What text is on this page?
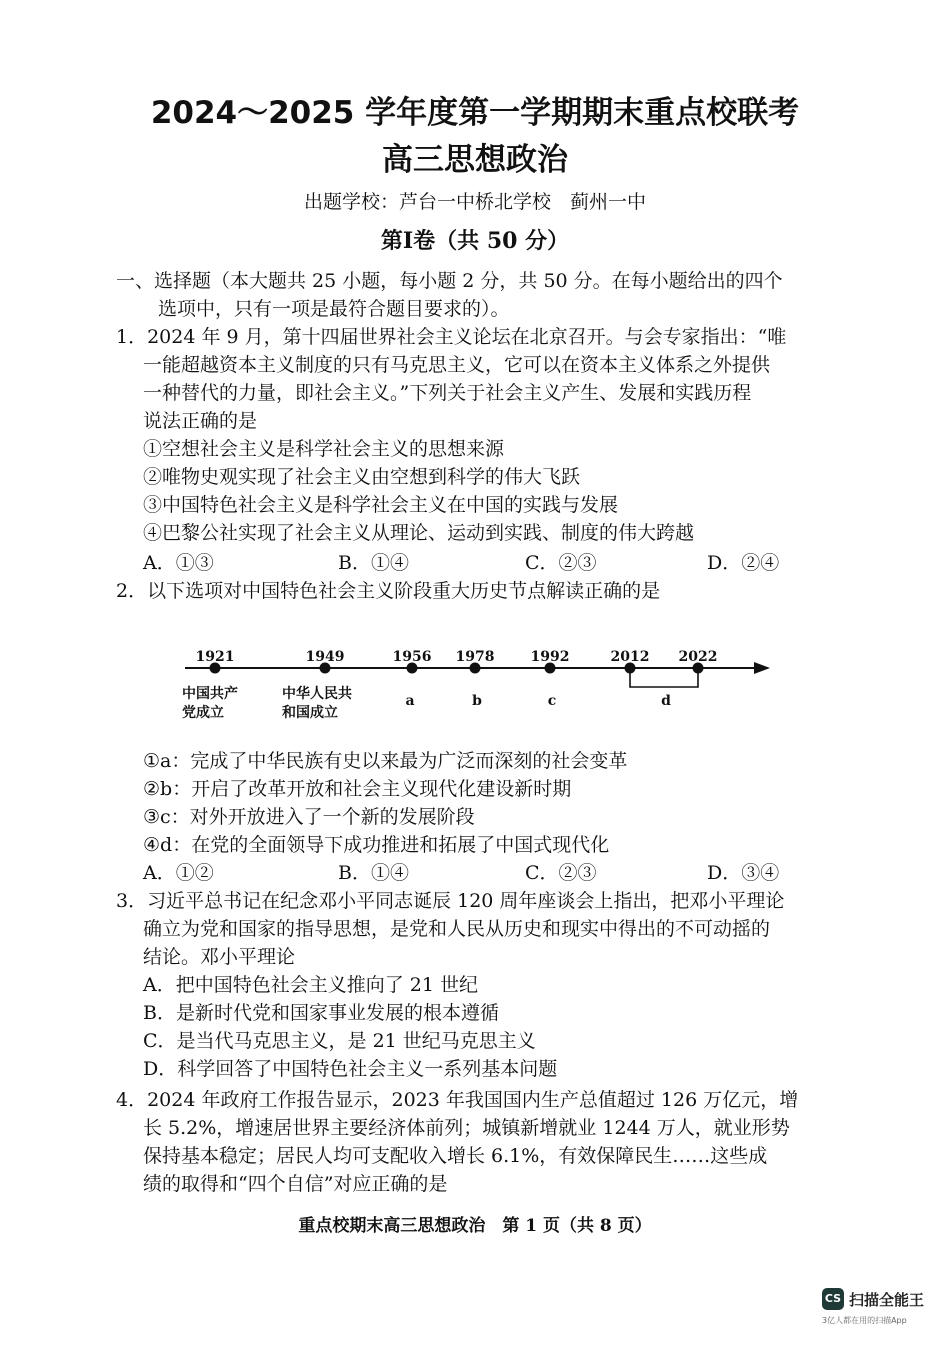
2024～2025 学年度第一学期期末重点校联考
高三思想政治
出题学校：芦台一中桥北学校　蓟州一中
第Ⅰ卷（共 50 分）
一、选择题（本大题共 25 小题，每小题 2 分，共 50 分。在每小题给出的四个
选项中，只有一项是最符合题目要求的）。
1．2024 年 9 月，第十四届世界社会主义论坛在北京召开。与会专家指出：“唯
一能超越资本主义制度的只有马克思主义，它可以在资本主义体系之外提供
一种替代的力量，即社会主义。”下列关于社会主义产生、发展和实践历程
说法正确的是
①空想社会主义是科学社会主义的思想来源
②唯物史观实现了社会主义由空想到科学的伟大飞跃
③中国特色社会主义是科学社会主义在中国的实践与发展
④巴黎公社实现了社会主义从理论、运动到实践、制度的伟大跨越
A．①③	B．①④	C．②③	D．②④
2．以下选项对中国特色社会主义阶段重大历史节点解读正确的是
1921	1949	1956 1978	1992	2012 2022
中国共产
党成立
中华人民共
和国成立
a	b	c	d
①a：完成了中华民族有史以来最为广泛而深刻的社会变革
②b：开启了改革开放和社会主义现代化建设新时期
③c：对外开放进入了一个新的发展阶段
④d：在党的全面领导下成功推进和拓展了中国式现代化
A．①②	B．①④	C．②③	D．③④
3．习近平总书记在纪念邓小平同志诞辰 120 周年座谈会上指出，把邓小平理论
确立为党和国家的指导思想，是党和人民从历史和现实中得出的不可动摇的
结论。邓小平理论
A．把中国特色社会主义推向了 21 世纪
B．是新时代党和国家事业发展的根本遵循
C．是当代马克思主义，是 21 世纪马克思主义
D．科学回答了中国特色社会主义一系列基本问题
4．2024 年政府工作报告显示，2023 年我国国内生产总值超过 126 万亿元，增
长 5.2%，增速居世界主要经济体前列；城镇新增就业 1244 万人，就业形势
保持基本稳定；居民人均可支配收入增长 6.1%，有效保障民生……这些成
绩的取得和“四个自信”对应正确的是
重点校期末高三思想政治　第 1 页（共 8 页）
CS 扫描全能王
3亿人都在用的扫描App
